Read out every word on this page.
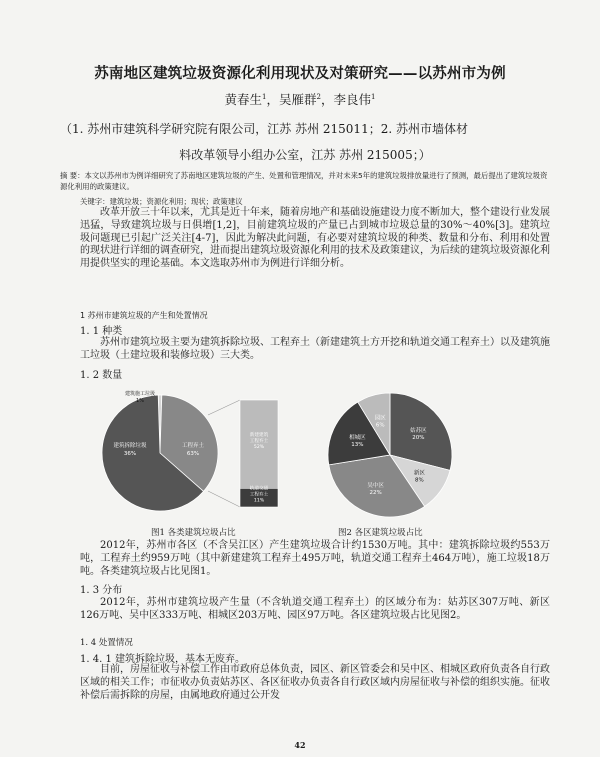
苏南地区建筑垃圾资源化利用现状及对策研究——以苏州市为例
黄春生$^1$，吴雁群$^2$，李良伟$^1$
（1. 苏州市建筑科学研究院有限公司，江苏 苏州 215011；2. 苏州市墙体材
料改革领导小组办公室，江苏 苏州 215005；）
摘 要：本文以苏州市为例详细研究了苏南地区建筑垃圾的产生、处置和管理情况，并对未来5年的建筑垃圾排放量进行了预测，最后提出了建筑垃圾资源化利用的政策建议。
关键字：建筑垃圾；资源化利用；现状；政策建议
改革开放三十年以来，尤其是近十年来，随着房地产和基础设施建设力度不断加大，整个建设行业发展迅猛，导致建筑垃圾与日俱增[1,2]，目前建筑垃圾的产量已占到城市垃圾总量的30%～40%[3]。建筑垃圾问题现已引起广泛关注[4-7]，因此为解决此问题，有必要对建筑垃圾的种类、数量和分布、利用和处置的现状进行详细的调查研究，进而提出建筑垃圾资源化利用的技术及政策建议，为后续的建筑垃圾资源化利用提供坚实的理论基础。本文选取苏州市为例进行详细分析。
1 苏州市建筑垃圾的产生和处置情况
1. 1 种类
苏州市建筑垃圾主要为建筑拆除垃圾、工程弃土（新建建筑土方开挖和轨道交通工程弃土）以及建筑施工垃圾（土建垃圾和装修垃圾）三大类。
1. 2 数量
建筑施工垃圾
1%
建筑拆除垃圾
36%
工程弃土
63%
新建建筑
工程弃土
52%
轨道交通
工程弃土
11%
姑苏区
20%
新区
8%
吴中区
22%
相城区
13%
园区
6%
图1 各类建筑垃圾占比	图2 各区建筑垃圾占比
2012年，苏州市各区（不含吴江区）产生建筑垃圾合计约1530万吨。其中：建筑拆除垃圾约553万吨，工程弃土约959万吨（其中新建建筑工程弃土495万吨，轨道交通工程弃土464万吨），施工垃圾18万吨。各类建筑垃圾占比见图1。
1. 3 分布
2012年，苏州市建筑垃圾产生量（不含轨道交通工程弃土）的区域分布为：姑苏区307万吨、新区126万吨、吴中区333万吨、相城区203万吨、园区97万吨。各区建筑垃圾占比见图2。
1. 4 处置情况
1. 4. 1 建筑拆除垃圾，基本无废弃。
目前，房屋征收与补偿工作由市政府总体负责，园区、新区管委会和吴中区、相城区政府负责各自行政区域的相关工作；市征收办负责姑苏区、各区征收办负责各自行政区域内房屋征收与补偿的组织实施。征收补偿后需拆除的房屋，由属地政府通过公开发
42
